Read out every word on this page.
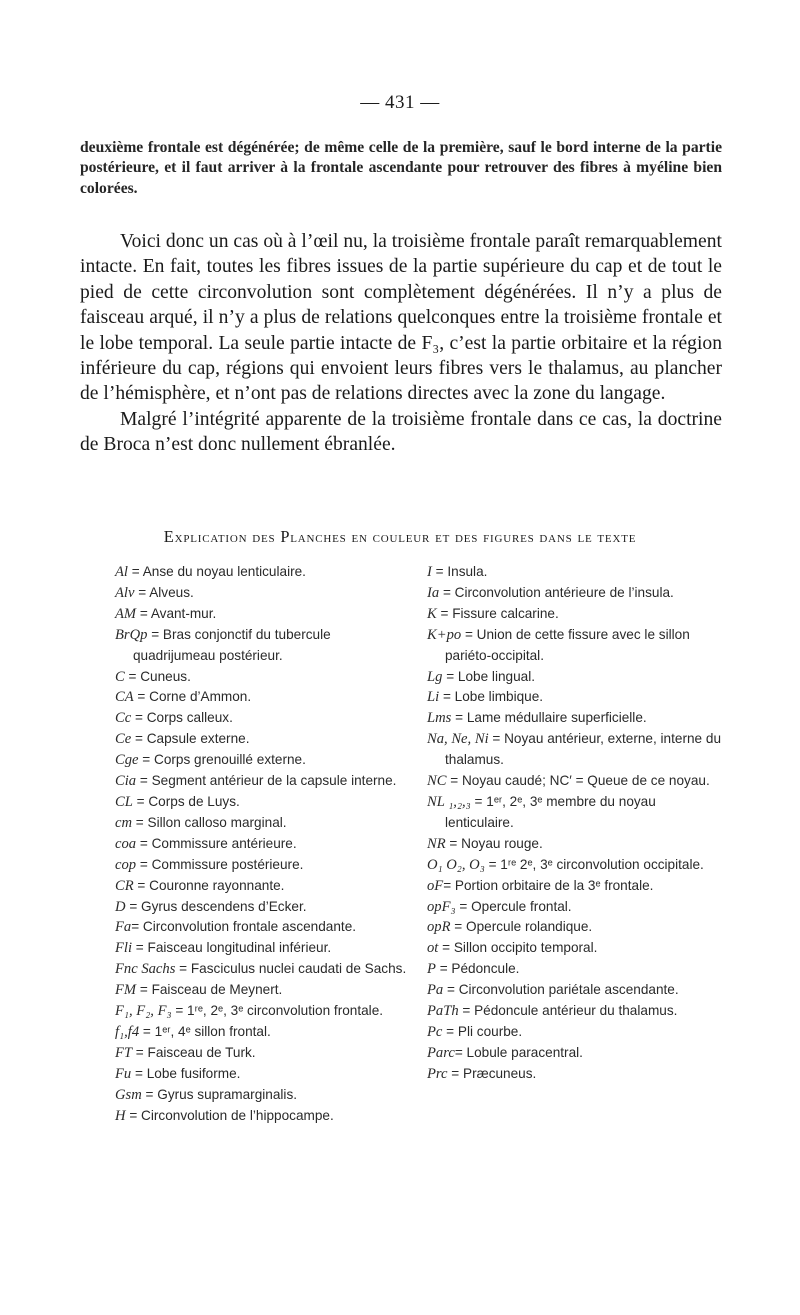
— 431 —

deuxième frontale est dégénérée; de même celle de la première, sauf le bord interne de la partie postérieure, et il faut arriver à la frontale ascendante pour retrouver des fibres à myéline bien colorées.

Voici donc un cas où à l’œil nu, la troisième frontale paraît remarquablement intacte. En fait, toutes les fibres issues de la partie supérieure du cap et de tout le pied de cette circonvolution sont complètement dégénérées. Il n’y a plus de faisceau arqué, il n’y a plus de relations quelconques entre la troisième frontale et le lobe temporal. La seule partie intacte de F₃, c’est la partie orbitaire et la région inférieure du cap, régions qui envoient leurs fibres vers le thalamus, au plancher de l’hémisphère, et n’ont pas de relations directes avec la zone du langage.

Malgré l’intégrité apparente de la troisième frontale dans ce cas, la doctrine de Broca n’est donc nullement ébranlée.

Explication des Planches en couleur et des figures dans le texte
Al = Anse du noyau lenticulaire.
Alv = Alveus.
AM = Avant-mur.
BrQp = Bras conjonctif du tubercule quadrijumeau postérieur.
C = Cuneus.
CA = Corne d’Ammon.
Cc = Corps calleux.
Ce = Capsule externe.
Cge = Corps grenouillé externe.
Cia = Segment antérieur de la capsule interne.
CL = Corps de Luys.
cm = Sillon calloso marginal.
coa = Commissure antérieure.
cop = Commissure postérieure.
CR = Couronne rayonnante.
D = Gyrus descendens d’Ecker.
Fa= Circonvolution frontale ascendante.
Fli = Faisceau longitudinal inférieur.
Fnc Sachs = Fasciculus nuclei caudati de Sachs.
FM = Faisceau de Meynert.
F₁, F₂, F₃ = 1ʳᵉ, 2ᵉ, 3ᵉ circonvolution frontale.
f₁,f4 = 1ᵉʳ, 4ᵉ sillon frontal.
FT = Faisceau de Turk.
Fu = Lobe fusiforme.
Gsm = Gyrus supramarginalis.
H = Circonvolution de l’hippocampe.
I = Insula.
Ia = Circonvolution antérieure de l’insula.
K = Fissure calcarine.
K+po = Union de cette fissure avec le sillon pariéto-occipital.
Lg = Lobe lingual.
Li = Lobe limbique.
Lms = Lame médullaire superficielle.
Na, Ne, Ni = Noyau antérieur, externe, interne du thalamus.
NC = Noyau caudé; NC′ = Queue de ce noyau.
NL ₁,₂,₃ = 1ᵉʳ, 2ᵉ, 3ᵉ membre du noyau lenticulaire.
NR = Noyau rouge.
O₁ O₂, O₃ = 1ʳᵉ 2ᵉ, 3ᵉ circonvolution occipitale.
oF= Portion orbitaire de la 3ᵉ frontale.
opF₃ = Opercule frontal.
opR = Opercule rolandique.
ot = Sillon occipito temporal.
P = Pédoncule.
Pa = Circonvolution pariétale ascendante.
PaTh = Pédoncule antérieur du thalamus.
Pc = Pli courbe.
Parc= Lobule paracentral.
Prc = Præcuneus.
